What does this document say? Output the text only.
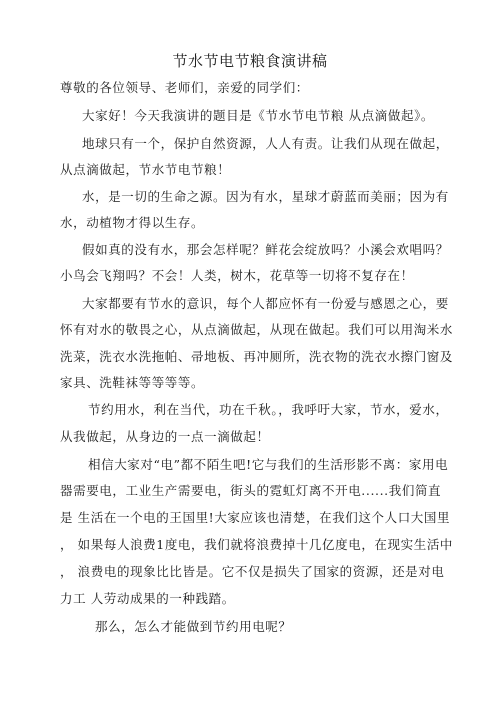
节水节电节粮食演讲稿
尊敬的各位领导、老师们，亲爱的同学们：
大家好！今天我演讲的题目是《节水节电节粮 从点滴做起》。
地球只有一个，保护自然资源，人人有责。让我们从现在做起，
从点滴做起，节水节电节粮！
水，是一切的生命之源。因为有水，星球才蔚蓝而美丽；因为有
水，动植物才得以生存。
假如真的没有水，那会怎样呢？鲜花会绽放吗？小溪会欢唱吗？
小鸟会飞翔吗？不会！人类，树木，花草等一切将不复存在！
大家都要有节水的意识，每个人都应怀有一份爱与感恩之心，要
怀有对水的敬畏之心，从点滴做起，从现在做起。我们可以用淘米水
洗菜，洗衣水洗拖帕、帚地板、再冲厕所，洗衣物的洗衣水擦门窗及
家具、洗鞋袜等等等等。
节约用水，利在当代，功在千秋。，我呼吁大家，节水，爱水，
从我做起，从身边的一点一滴做起！
相信大家对“电”都不陌生吧!它与我们的生活形影不离：家用电
器需要电，工业生产需要电，街头的霓虹灯离不开电......我们简直
是 生活在一个电的王国里!大家应该也清楚，在我们这个人口大国里
， 如果每人浪费1度电，我们就将浪费掉十几亿度电，在现实生活中
， 浪费电的现象比比皆是。它不仅是损失了国家的资源，还是对电
力工 人劳动成果的一种践踏。
那么，怎么才能做到节约用电呢？
